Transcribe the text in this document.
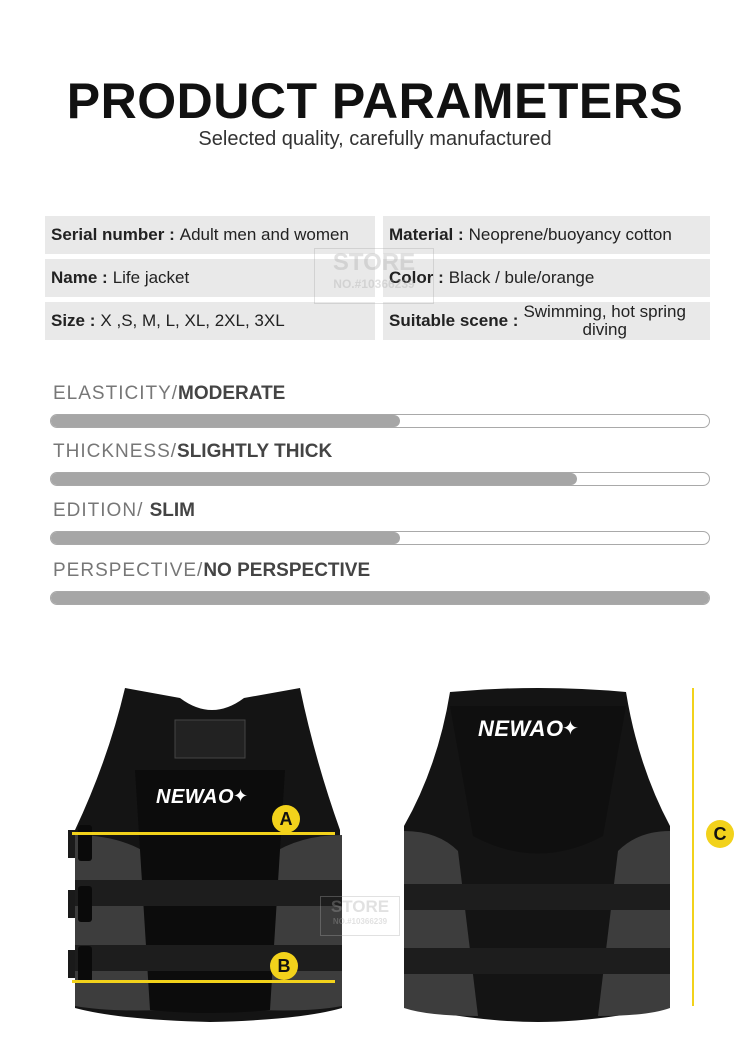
PRODUCT PARAMETERS
Selected quality, carefully manufactured
Serial number : Adult men and women Material : Neoprene/buoyancy cotton
Name : Life jacket	Color : Black / bule/orange
Size : X ,S, M, L, XL, 2XL, 3XL	Suitable scene : Swimming, hot spring
diving
STORE
NO.#10366239
ELASTICITY/MODERATE
THICKNESS/SLIGHTLY THICK
EDITION/ SLIM
PERSPECTIVE/NO PERSPECTIVE
NEWAO
✦
A
B
STORE
NO.#10366239
NEWAO
✦
C
